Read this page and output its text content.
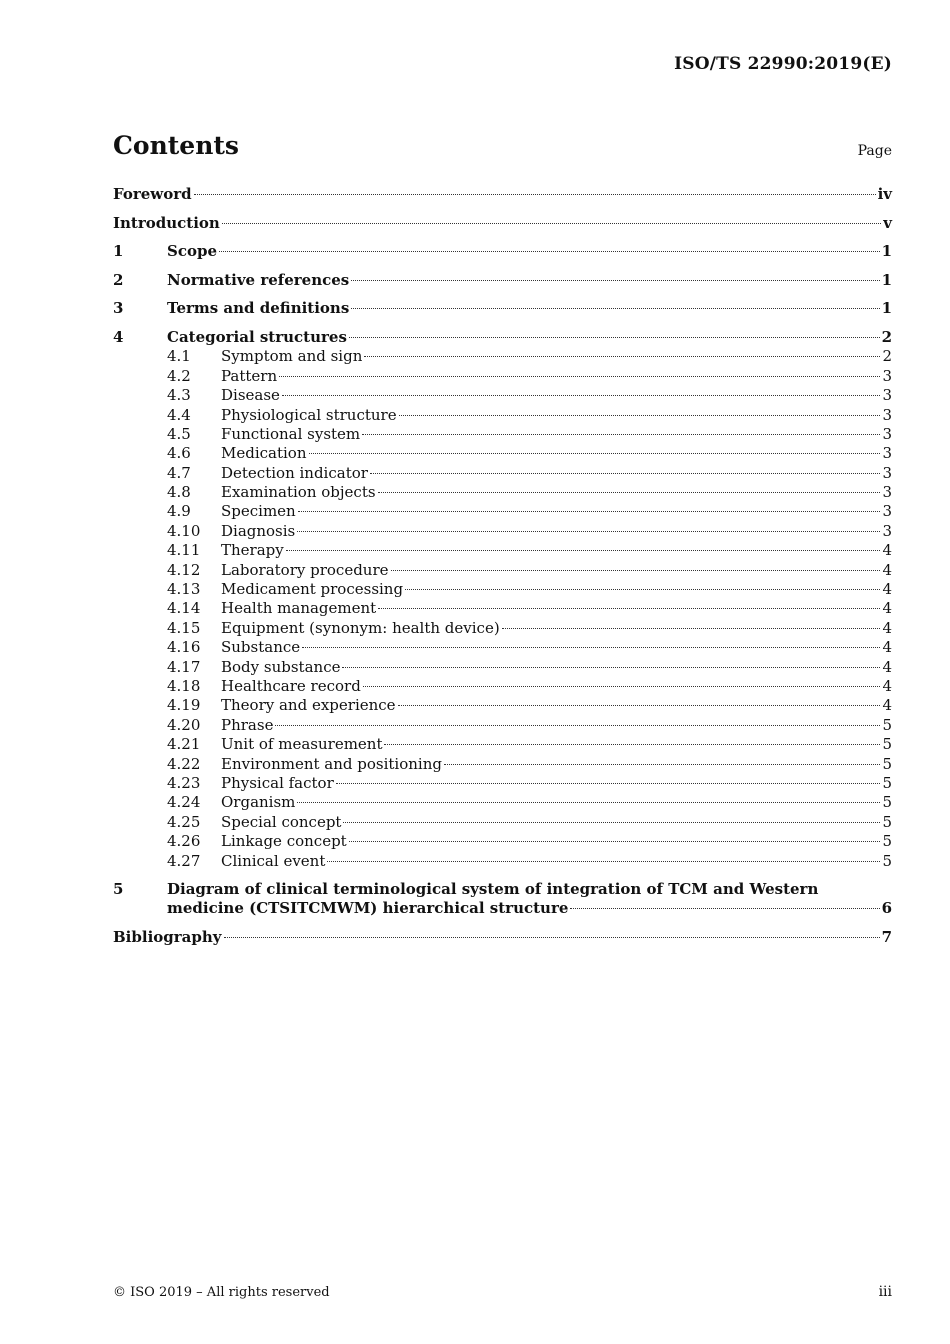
ISO/TS 22990:2019(E)
Contents	Page
Foreword	iv
Introduction	v
1	Scope	1
2	Normative references	1
3	Terms and definitions	1
4	Categorial structures	2
4.1	Symptom and sign	2
4.2	Pattern	3
4.3	Disease	3
4.4	Physiological structure	3
4.5	Functional system	3
4.6	Medication	3
4.7	Detection indicator	3
4.8	Examination objects	3
4.9	Specimen	3
4.10	Diagnosis	3
4.11	Therapy	4
4.12	Laboratory procedure	4
4.13	Medicament processing	4
4.14	Health management	4
4.15	Equipment (synonym: health device)	4
4.16	Substance	4
4.17	Body substance	4
4.18	Healthcare record	4
4.19	Theory and experience	4
4.20	Phrase	5
4.21	Unit of measurement	5
4.22	Environment and positioning	5
4.23	Physical factor	5
4.24	Organism	5
4.25	Special concept	5
4.26	Linkage concept	5
4.27	Clinical event	5
5	Diagram of clinical terminological system of integration of TCM and Western
medicine (CTSITCMWM) hierarchical structure	6
Bibliography	7
© ISO 2019 – All rights reserved	iii
